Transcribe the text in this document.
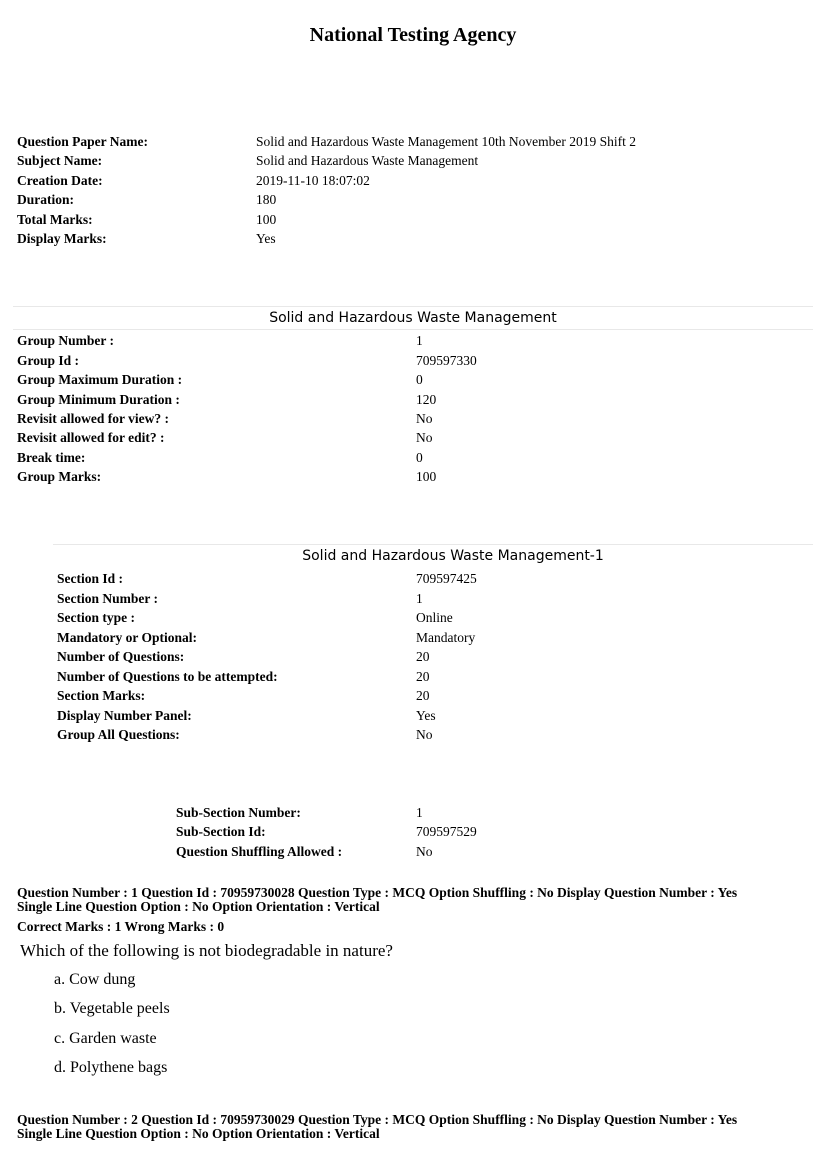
National Testing Agency
Question Paper Name:	Solid and Hazardous Waste Management 10th November 2019 Shift 2
Subject Name:	Solid and Hazardous Waste Management
Creation Date:	2019-11-10 18:07:02
Duration:	180
Total Marks:	100
Display Marks:	Yes
Solid and Hazardous Waste Management
Group Number :	1
Group Id :	709597330
Group Maximum Duration :	0
Group Minimum Duration :	120
Revisit allowed for view? :	No
Revisit allowed for edit? :	No
Break time:	0
Group Marks:	100
Solid and Hazardous Waste Management-1
Section Id :	709597425
Section Number :	1
Section type :	Online
Mandatory or Optional:	Mandatory
Number of Questions:	20
Number of Questions to be attempted:	20
Section Marks:	20
Display Number Panel:	Yes
Group All Questions:	No
Sub-Section Number:	1
Sub-Section Id:	709597529
Question Shuffling Allowed :	No
Question Number : 1 Question Id : 70959730028 Question Type : MCQ Option Shuffling : No Display Question Number : Yes
Single Line Question Option : No Option Orientation : Vertical
Correct Marks : 1 Wrong Marks : 0
Which of the following is not biodegradable in nature?
a. Cow dung
b. Vegetable peels
c. Garden waste
d. Polythene bags
Question Number : 2 Question Id : 70959730029 Question Type : MCQ Option Shuffling : No Display Question Number : Yes
Single Line Question Option : No Option Orientation : Vertical
